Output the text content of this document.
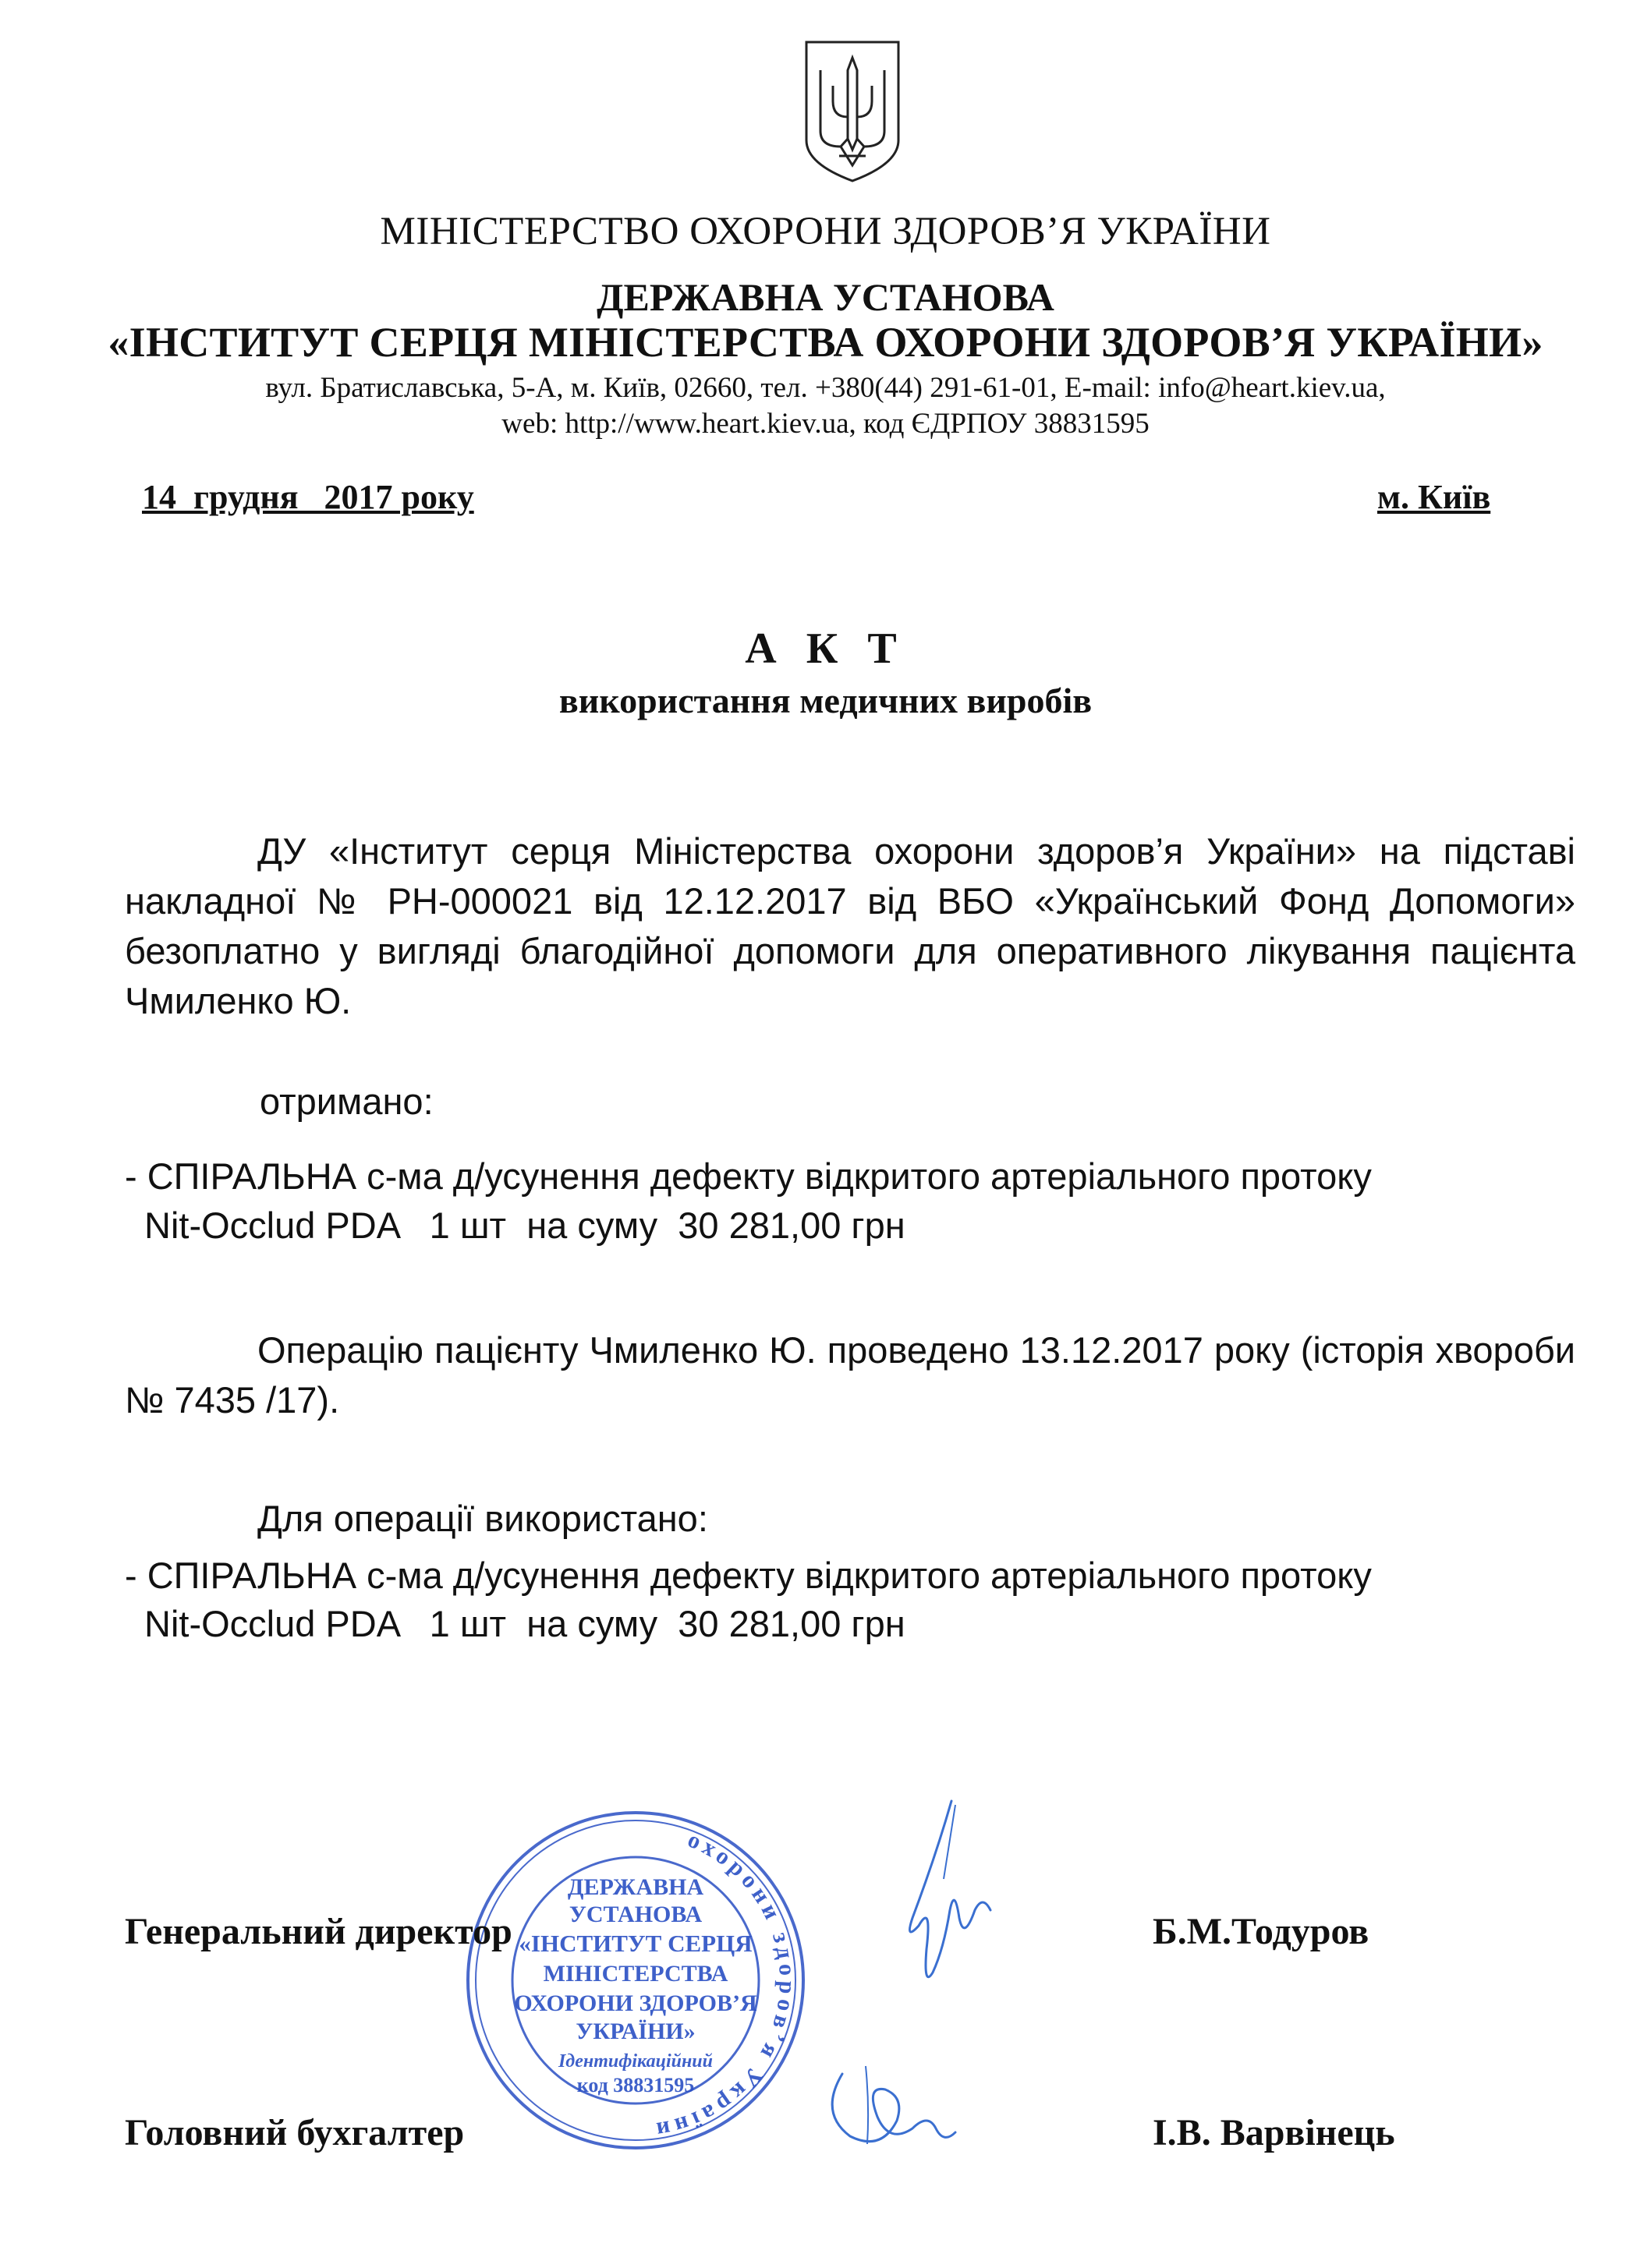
МІНІСТЕРСТВО ОХОРОНИ ЗДОРОВ’Я УКРАЇНИ
ДЕРЖАВНА УСТАНОВА
«ІНСТИТУТ СЕРЦЯ МІНІСТЕРСТВА ОХОРОНИ ЗДОРОВ’Я УКРАЇНИ»
вул. Братиславська, 5-А, м. Київ, 02660, тел. +380(44) 291-61-01, E-mail: info@heart.kiev.ua,
web: http://www.heart.kiev.ua, код ЄДРПОУ 38831595
14  грудня   2017 року	м. Київ
А К Т
використання медичних виробів
ДУ «Інститут серця Міністерства охорони здоров’я України» на підставі накладної № РН-000021 від 12.12.2017 від ВБО «Український Фонд Допомоги» безоплатно у вигляді благодійної допомоги для оперативного лікування пацієнта Чмиленко Ю.
отримано:
- СПІРАЛЬНА с-ма д/усунення дефекту відкритого артеріального протоку
Nit-Occlud PDA   1 шт  на суму  30 281,00 грн
Операцію пацієнту Чмиленко Ю. проведено 13.12.2017 року (історія хвороби № 7435 /17).
Для операції використано:
- СПІРАЛЬНА с-ма д/усунення дефекту відкритого артеріального протоку
Nit-Occlud PDA   1 шт  на суму  30 281,00 грн
охорони здоров’я України
ДЕРЖАВНА
УСТАНОВА
«ІНСТИТУТ СЕРЦЯ
МІНІСТЕРСТВА
ОХОРОНИ ЗДОРОВ’Я
УКРАЇНИ»
Ідентифікаційний
код 38831595
Генеральний директор	Б.М.Тодуров
Головний бухгалтер	І.В. Варвінець
